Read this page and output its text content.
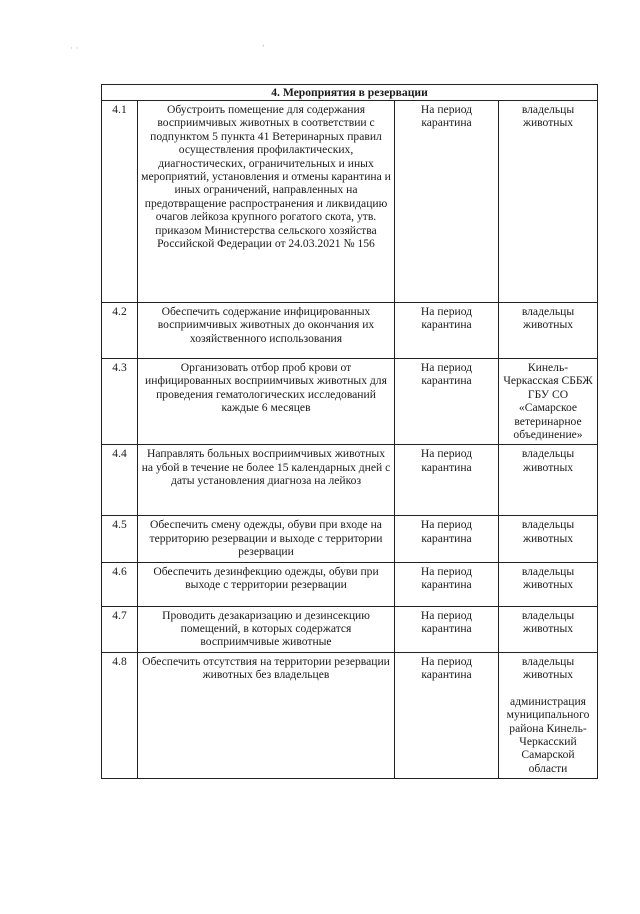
· ·	'
4. Мероприятия в резервации			
4.1	Обустроить помещение для содержания восприимчивых животных в соответствии с подпунктом 5 пункта 41 Ветеринарных правил осуществления профилактических, диагностических, ограничительных и иных мероприятий, установления и отмены карантина и иных ограничений, направленных на предотвращение распространения и ликвидацию очагов лейкоза крупного рогатого скота, утв. приказом Министерства сельского хозяйства Российской Федерации от 24.03.2021 № 156	На период карантина	владельцы животных

4.2	Обеспечить содержание инфицированных восприимчивых животных до окончания их хозяйственного использования	На период карантина	владельцы животных

4.3	Организовать отбор проб крови от инфицированных восприимчивых животных для проведения гематологических исследований каждые 6 месяцев	На период карантина	Кинель-Черкасская СББЖ ГБУ СО «Самарское ветеринарное объединение»

4.4	Направлять больных восприимчивых животных на убой в течение не более 15 календарных дней с даты установления диагноза на лейкоз	На период карантина	владельцы животных

4.5	Обеспечить смену одежды, обуви при входе на территорию резервации и выходе с территории резервации	На период карантина	владельцы животных

4.6	Обеспечить дезинфекцию одежды, обуви при выходе с территории резервации	На период карантина	владельцы животных

4.7	Проводить дезакаризацию и дезинсекцию помещений, в которых содержатся восприимчивые животные	На период карантина	владельцы животных

4.8	Обеспечить отсутствия на территории резервации животных без владельцев	На период карантина	владельцы животных
администрация муниципального района Кинель-Черкасский Самарской области
